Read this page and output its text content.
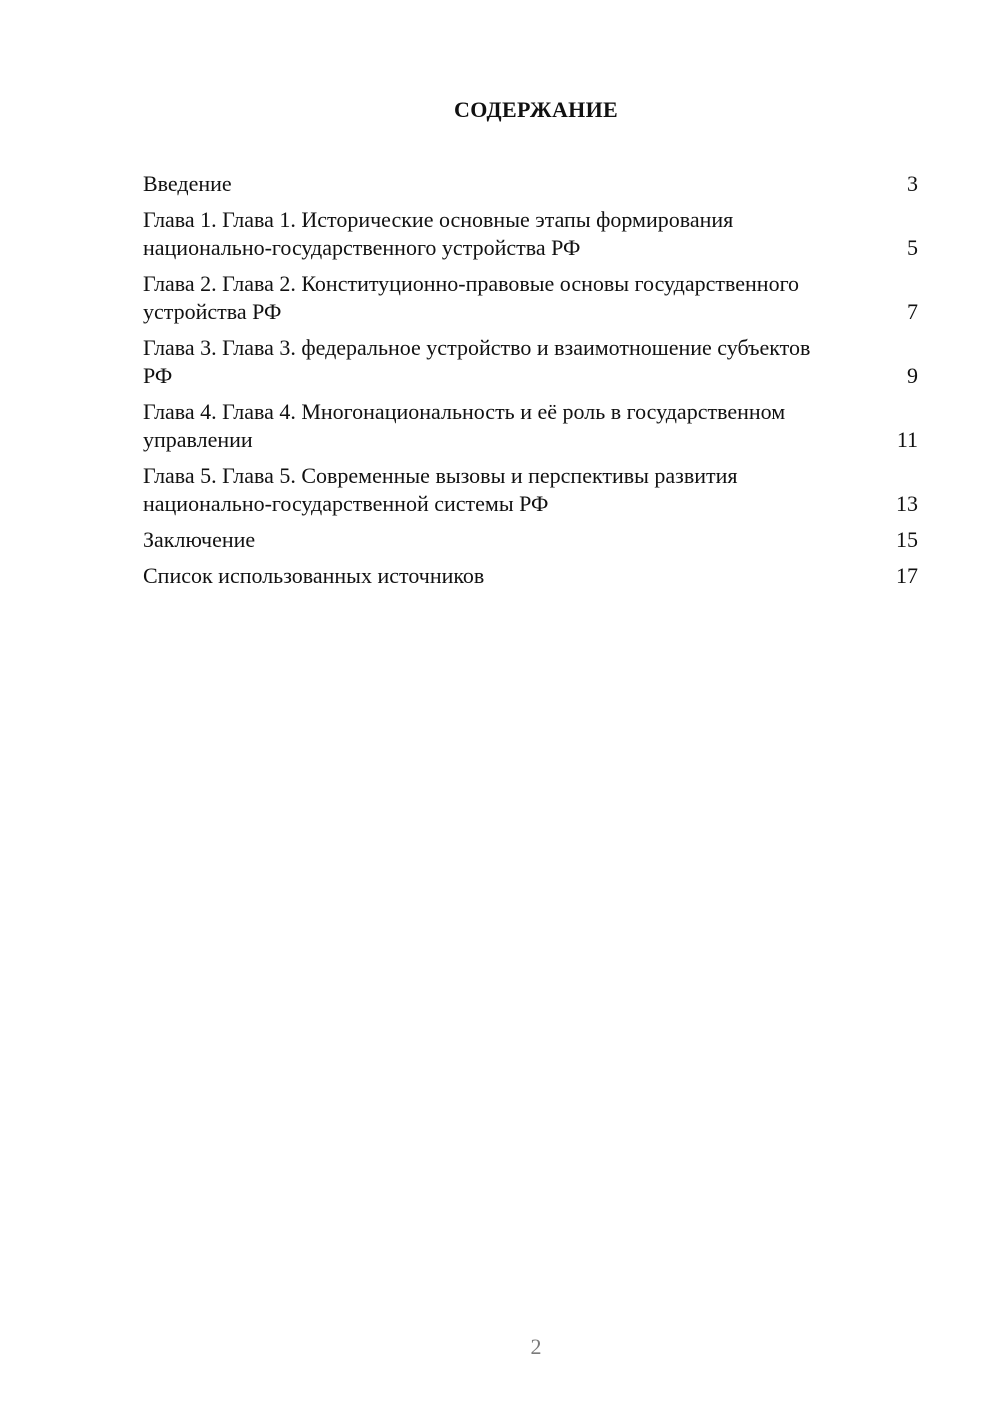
СОДЕРЖАНИЕ
Введение	3
Глава 1. Глава 1. Исторические основные этапы формирования национально-государственного устройства РФ	5
Глава 2. Глава 2. Конституционно-правовые основы государственного устройства РФ	7
Глава 3. Глава 3. федеральное устройство и взаимотношение субъектов РФ	9
Глава 4. Глава 4. Многонациональность и её роль в государственном управлении	11
Глава 5. Глава 5. Современные вызовы и перспективы развития национально-государственной системы РФ	13
Заключение	15
Список использованных источников	17
2
